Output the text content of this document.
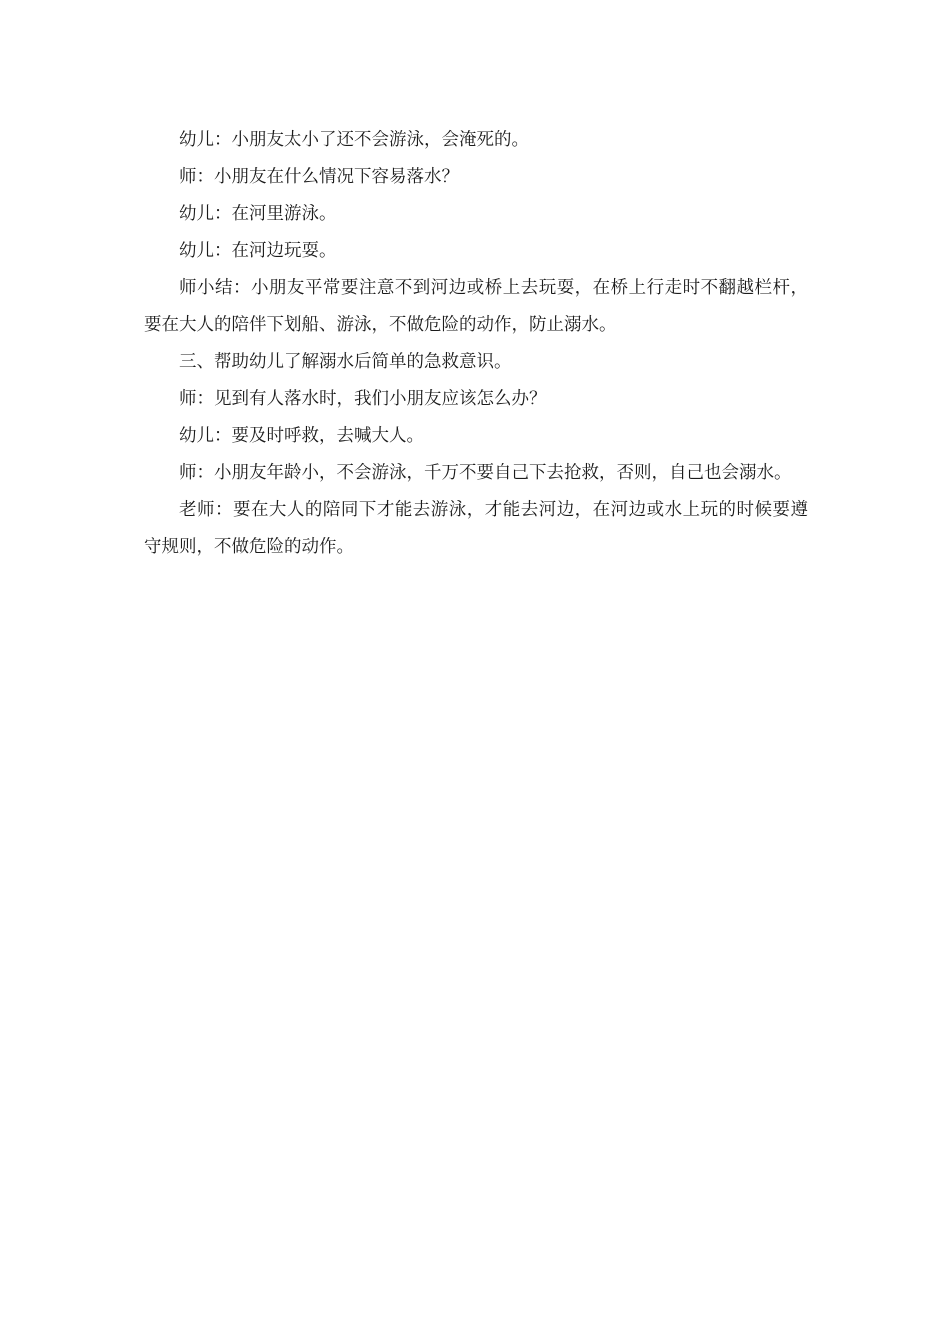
幼儿：小朋友太小了还不会游泳，会淹死的。

师：小朋友在什么情况下容易落水？

幼儿：在河里游泳。

幼儿：在河边玩耍。

师小结：小朋友平常要注意不到河边或桥上去玩耍，在桥上行走时不翻越栏杆，要在大人的陪伴下划船、游泳，不做危险的动作，防止溺水。

三、帮助幼儿了解溺水后简单的急救意识。

师：见到有人落水时，我们小朋友应该怎么办？

幼儿：要及时呼救，去喊大人。

师：小朋友年龄小，不会游泳，千万不要自己下去抢救，否则，自己也会溺水。

老师：要在大人的陪同下才能去游泳，才能去河边，在河边或水上玩的时候要遵守规则，不做危险的动作。
